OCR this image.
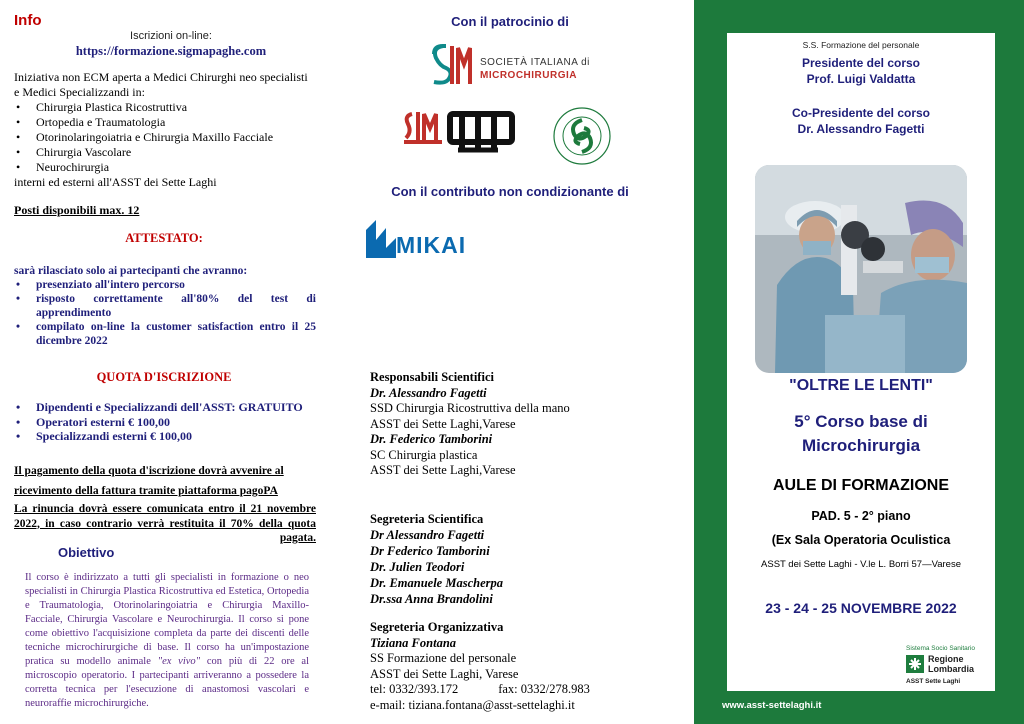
Info
Iscrizioni on-line:
https://formazione.sigmapaghe.com
Iniziativa non ECM aperta a Medici Chirurghi neo specialisti
e Medici Specializzandi in:
• Chirurgia Plastica Ricostruttiva
• Ortopedia e Traumatologia
• Otorinolaringoiatria e Chirurgia Maxillo Facciale
• Chirurgia Vascolare
• Neurochirurgia
interni ed esterni all'ASST dei Sette Laghi
Posti disponibili max. 12
ATTESTATO:
sarà rilasciato solo ai partecipanti che avranno:
• presenziato all'intero percorso
• risposto correttamente all'80% del test di apprendimento
• compilato on-line la customer satisfaction entro il 25 dicembre 2022
QUOTA D'ISCRIZIONE
• Dipendenti e Specializzandi dell'ASST: GRATUITO
• Operatori esterni € 100,00
• Specializzandi esterni € 100,00
Il pagamento della quota d'iscrizione dovrà avvenire al ricevimento della fattura tramite piattaforma pagoPA
La rinuncia dovrà essere comunicata entro il 21 novembre 2022, in caso contrario verrà restituita il 70% della quota pagata.
Obiettivo
Il corso è indirizzato a tutti gli specialisti in formazione o neo specialisti in Chirurgia Plastica Ricostruttiva ed Estetica, Ortopedia e Traumatologia, Otorinolaringoiatria e Chirurgia Maxillo-Facciale, Chirurgia Vascolare e Neurochirurgia. Il corso si pone come obiettivo l'acquisizione completa da parte dei discenti delle tecniche microchirurgiche di base. Il corso ha un'impostazione pratica su modello animale "ex vivo" con più di 22 ore al microscopio operatorio. I partecipanti arriveranno a possedere la corretta tecnica per l'esecuzione di anastomosi vascolari e neuroraffie microchirurgiche.
Con il patrocinio di
SOCIETÀ ITALIANA di
MICROCHIRURGIA
Con il contributo non condizionante di
MIKAI
Responsabili Scientifici
Dr. Alessandro Fagetti
SSD Chirurgia Ricostruttiva della mano
ASST dei Sette Laghi,Varese
Dr. Federico Tamborini
SC Chirurgia plastica
ASST dei Sette Laghi,Varese
Segreteria Scientifica
Dr Alessandro Fagetti
Dr Federico Tamborini
Dr. Julien Teodori
Dr. Emanuele Mascherpa
Dr.ssa Anna Brandolini
Segreteria Organizzativa
Tiziana Fontana
SS Formazione del personale
ASST dei Sette Laghi, Varese
tel: 0332/393.172	fax: 0332/278.983
e-mail: tiziana.fontana@asst-settelaghi.it
S.S. Formazione del personale
Presidente del corso
Prof. Luigi Valdatta
Co-Presidente del corso
Dr. Alessandro Fagetti
"OLTRE LE LENTI"
5° Corso base di
Microchirurgia
AULE DI FORMAZIONE
PAD. 5 - 2° piano
(Ex Sala Operatoria Oculistica
ASST dei Sette Laghi - V.le L. Borri 57—Varese
23 - 24 - 25 NOVEMBRE 2022
Sistema Socio Sanitario
Regione
Lombardia
ASST Sette Laghi
www.asst-settelaghi.it
